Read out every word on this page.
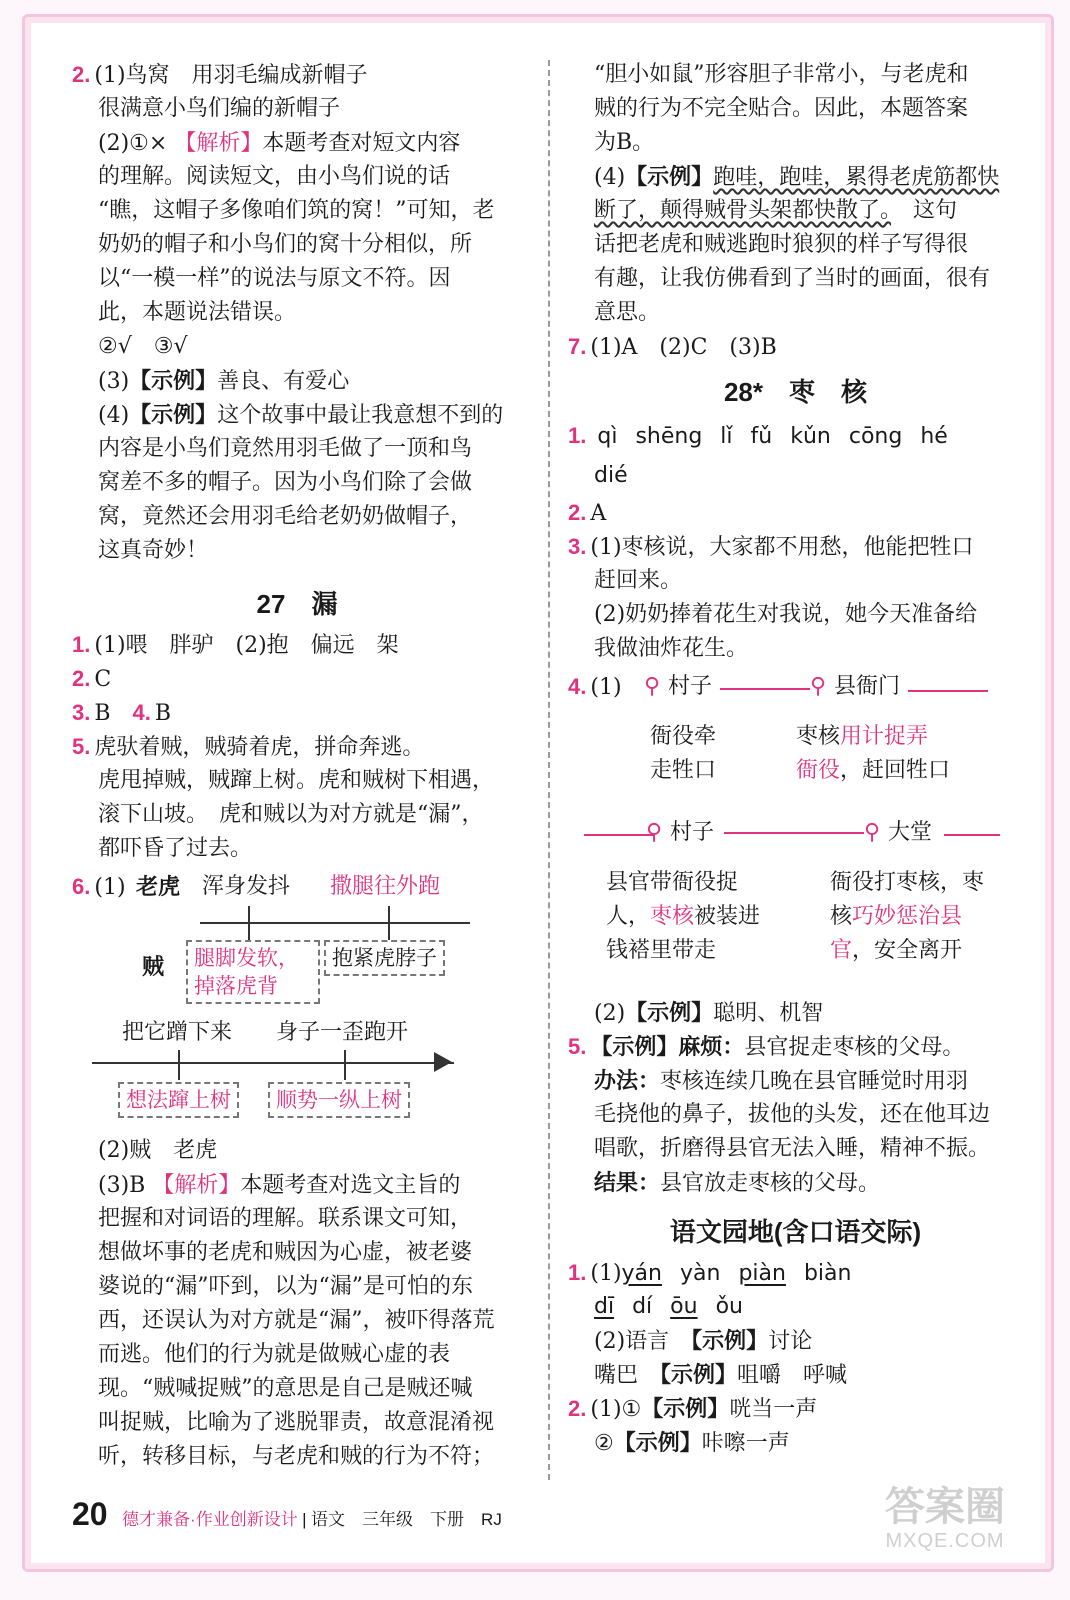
2. (1)鸟窝　用羽毛编成新帽子
很满意小鸟们编的新帽子
(2)①× 【解析】本题考查对短文内容
的理解。阅读短文，由小鸟们说的话
“瞧，这帽子多像咱们筑的窝！”可知，老
奶奶的帽子和小鸟们的窝十分相似，所
以“一模一样”的说法与原文不符。因
此，本题说法错误。
②√　③√
(3)【示例】善良、有爱心
(4)【示例】这个故事中最让我意想不到的
内容是小鸟们竟然用羽毛做了一顶和鸟
窝差不多的帽子。因为小鸟们除了会做
窝，竟然还会用羽毛给老奶奶做帽子，
这真奇妙！
27　漏
1. (1)喂　胖驴　(2)抱　偏远　架
2. C
3. B　 4. B
5. 虎驮着贼，贼骑着虎，拼命奔逃。
虎甩掉贼，贼蹿上树。虎和贼树下相遇，
滚下山坡。　虎和贼以为对方就是“漏”，
都吓昏了过去。
6. (1) 老虎 浑身发抖 撒腿往外跑
贼	腿脚发软，掉落虎背
抱紧虎脖子
把它蹭下来 身子一歪跑开
想法蹿上树	顺势一纵上树
(2)贼　老虎
(3)B 【解析】本题考查对选文主旨的
把握和对词语的理解。联系课文可知，
想做坏事的老虎和贼因为心虚，被老婆
婆说的“漏”吓到，以为“漏”是可怕的东
西，还误认为对方就是“漏”，被吓得落荒
而逃。他们的行为就是做贼心虚的表
现。“贼喊捉贼”的意思是自己是贼还喊
叫捉贼，比喻为了逃脱罪责，故意混淆视
听，转移目标，与老虎和贼的行为不符；
“胆小如鼠”形容胆子非常小，与老虎和
贼的行为不完全贴合。因此，本题答案
为B。
(4)【示例】跑哇，跑哇，累得老虎筋都快
断了，颠得贼骨头架都快散了。　这句
话把老虎和贼逃跑时狼狈的样子写得很
有趣，让我仿佛看到了当时的画面，很有
意思。
7. (1)A　(2)C　(3)B
28*　枣　核
1. qì shēng lǐ fǔ kǔn cōng hé
dié
2. A
3. (1)枣核说，大家都不用愁，他能把牲口
赶回来。
(2)奶奶捧着花生对我说，她今天准备给
我做油炸花生。
4. (1) ⚲ 村子	⚲ 县衙门
衙役牵
走牲口
枣核用计捉弄
衙役，赶回牲口
⚲ 村子	⚲ 大堂
县官带衙役捉
人，枣核被装进
钱褡里带走
衙役打枣核，枣
核巧妙惩治县
官，安全离开
(2)【示例】聪明、机智
5. 【示例】麻烦：县官捉走枣核的父母。
办法：枣核连续几晚在县官睡觉时用羽
毛挠他的鼻子，拔他的头发，还在他耳边
唱歌，折磨得县官无法入睡，精神不振。
结果：县官放走枣核的父母。
语文园地(含口语交际)
1. (1)yán yàn piàn biàn
dī dí ōu ǒu
(2)语言　【示例】讨论
嘴巴　【示例】咀嚼　呼喊
2. (1)①【示例】咣当一声
②【示例】咔嚓一声
20 德才兼备·作业创新设计 | 语文　三年级　下册　RJ	答案圈
MXQE.COM
